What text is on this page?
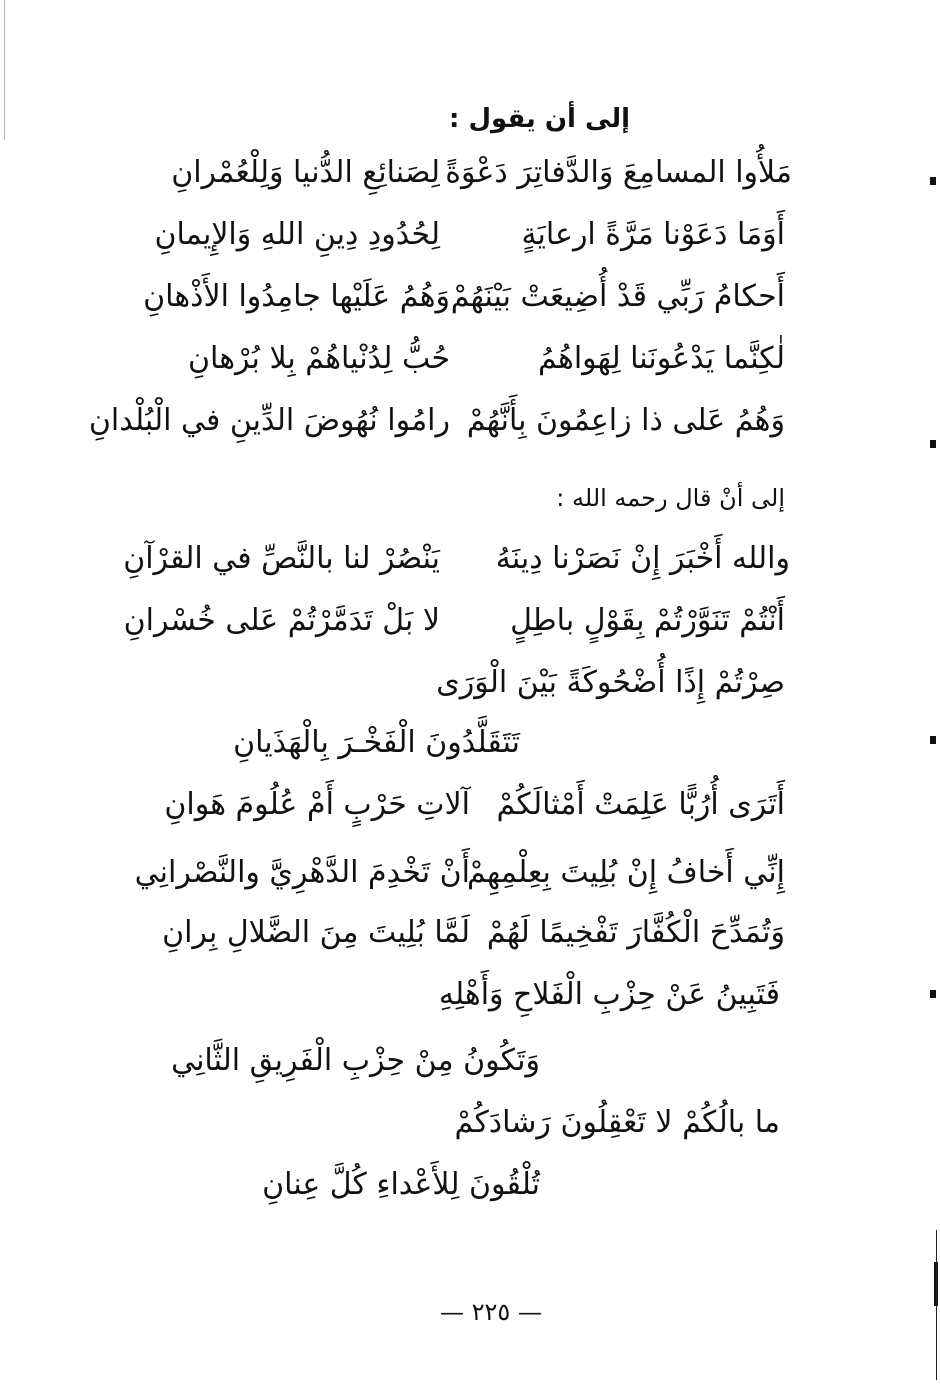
إلى أن يقول :
مَلأُوا المسامِعَ وَالدَّفاتِرَ دَعْوَةً
لِصَنائِعِ الدُّنيا وَلِلْعُمْرانِ
أَوَمَا دَعَوْنا مَرَّةً ارعايَةٍ
لِحُدُودِ دِينِ اللهِ وَالإِيمانِ
أَحكامُ رَبِّي قَدْ أُضِيعَتْ بَيْنَهُمْ
وَهُمُ عَلَيْها جامِدُوا الأَذْهانِ
لٰكِنَّما يَدْعُونَنا لِهَواهُمُ
حُبُّ لِدُنْياهُمْ بِلا بُرْهانِ
وَهُمُ عَلى ذا زاعِمُونَ بِأَنَّهُمْ
رامُوا نُهُوضَ الدِّينِ في الْبُلْدانِ
إلى أنْ قال رحمه الله :
والله أَخْبَرَ إِنْ نَصَرْنا دِينَهُ
يَنْصُرْ لنا بالنَّصِّ في القرْآنِ
أَنْتُمْ تَنَوَّرْتُمْ بِقَوْلٍ باطِلٍ
لا بَلْ تَدَمَّرْتُمْ عَلى خُسْرانِ
صِرْتُمْ إِذًا أُضْحُوكَةً بَيْنَ الْوَرَى
تَتَقَلَّدُونَ الْفَخْـرَ بِالْهَذَيانِ
أَتَرَى أُرُبًّا عَلِمَتْ أَمْثالَكُمْ
آلاتِ حَرْبٍ أَمْ عُلُومَ هَوانِ
إِنِّي أَخافُ إِنْ بُلِيتَ بِعِلْمِهِمْ
أَنْ تَخْدِمَ الدَّهْرِيَّ والنَّصْرانِي
وَتُمَدِّحَ الْكُفَّارَ تَفْخِيمًا لَهُمْ
لَمَّا بُلِيتَ مِنَ الضَّلالِ بِرانِ
فَتَبِينُ عَنْ حِزْبِ الْفَلاحِ وَأَهْلِهِ
وَتَكُونُ مِنْ حِزْبِ الْفَرِيقِ الثَّانِي
ما بالُكُمْ لا تَعْقِلُونَ رَشادَكُمْ
تُلْقُونَ لِلأَعْداءِ كُلَّ عِنانِ
— ٢٢٥ —
